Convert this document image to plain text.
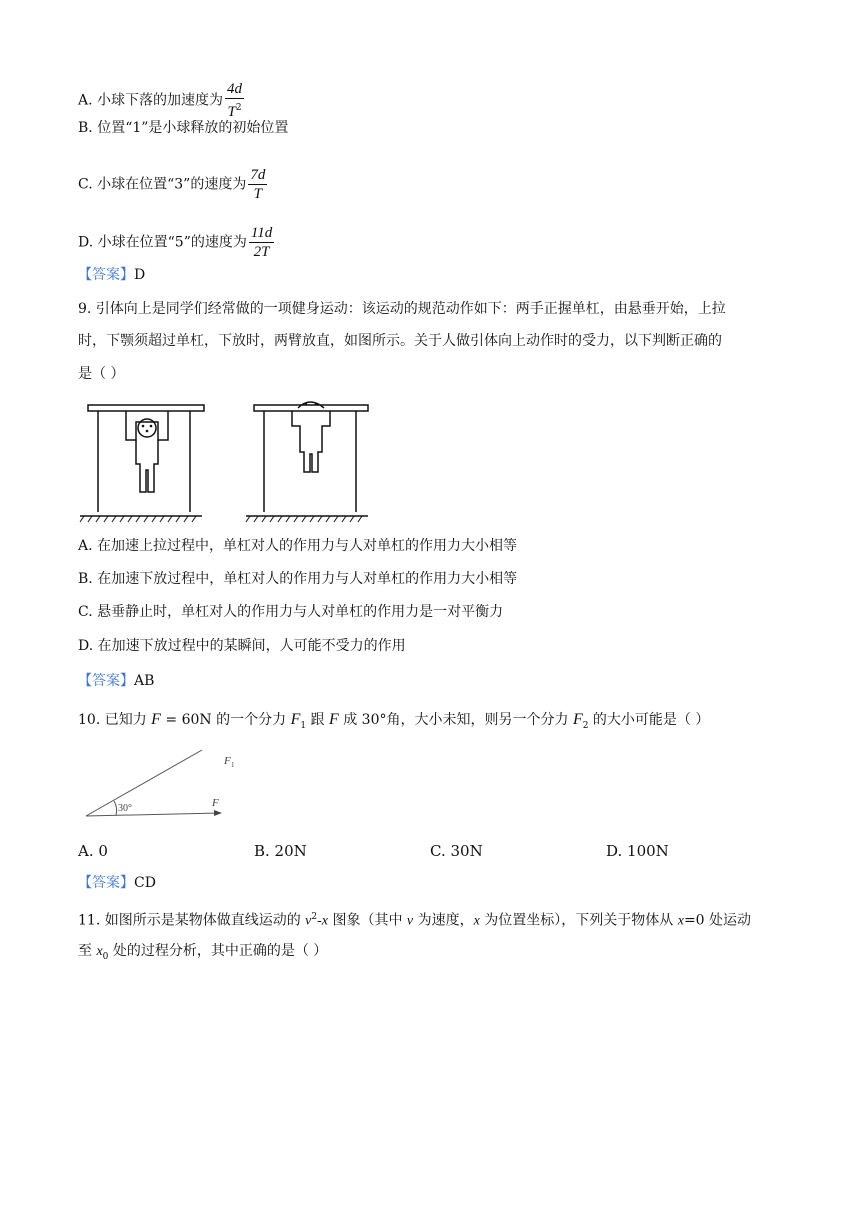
A. 小球下落的加速度为 $\frac{4d}{T^2}$
B. 位置“1”是小球释放的初始位置
C. 小球在位置“3”的速度为 $\frac{7d}{T}$
D. 小球在位置“5”的速度为 $\frac{11d}{2T}$
【答案】D
9. 引体向上是同学们经常做的一项健身运动：该运动的规范动作如下：两手正握单杠，由悬垂开始，上拉
时，下颚须超过单杠，下放时，两臂放直，如图所示。关于人做引体向上动作时的受力，以下判断正确的
是（ ）
A. 在加速上拉过程中，单杠对人的作用力与人对单杠的作用力大小相等
B. 在加速下放过程中，单杠对人的作用力与人对单杠的作用力大小相等
C. 悬垂静止时，单杠对人的作用力与人对单杠的作用力是一对平衡力
D. 在加速下放过程中的某瞬间，人可能不受力的作用
【答案】AB
10. 已知力 F = 60N 的一个分力 $F_1$ 跟 F 成 30°角，大小未知，则另一个分力 $F_2$ 的大小可能是（ ）
F 1
F
30°
A. 0	B. 20N	C. 30N	D. 100N
【答案】CD
11. 如图所示是某物体做直线运动的 $v^2-x$ 图象（其中 v 为速度，x 为位置坐标），下列关于物体从 x=0 处运动
至 $x_0$ 处的过程分析，其中正确的是（ ）
